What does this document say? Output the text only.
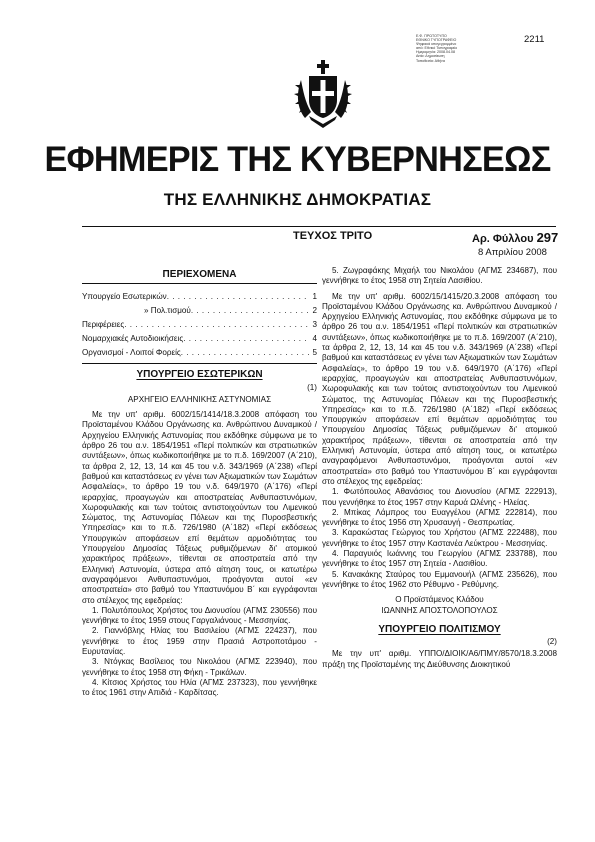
Ε.Φ. ΠΡΩΤΟΤΥΠΟ
ΕΘΝΙΚΟ ΤΥΠΟΓΡΑΦΕΙΟ
Ψηφιακά υπογεγραμμένο
από: Εθνικό Τυπογραφείο
Ημερομηνία: 2008.04.08
Αιτία: Δημοσίευση
Τοποθεσία: Αθήνα
2211
ΕΦΗΜΕΡΙΣ ΤΗΣ ΚΥΒΕΡΝΗΣΕΩΣ
ΤΗΣ ΕΛΛΗΝΙΚΗΣ ΔΗΜΟΚΡΑΤΙΑΣ
ΤΕΥΧΟΣ ΤΡΙΤΟ	Αρ. Φύλλου 297
8 Απριλίου 2008
ΠΕΡΙΕΧΟΜΕΝΑ
Υπουργείο Εσωτερικών . . .	1
» Πολ.τισμού . . .	2
Περιφέρειες . . .	3
Νομαρχιακές Αυτοδιοικήσεις . . .	4
Οργανισμοί - Λοιποί Φορείς . . .	5
ΥΠΟΥΡΓΕΙΟ ΕΣΩΤΕΡΙΚΩΝ
(1)
ΑΡΧΗΓΕΙΟ ΕΛΛΗΝΙΚΗΣ ΑΣΤΥΝΟΜΙΑΣ

Με την υπ' αριθμ. 6002/15/1414/18.3.2008 απόφαση του Προϊσταμένου Κλάδου Οργάνωσης κα. Ανθρώπινου Δυναμικού / Αρχηγείου Ελληνικής Αστυνομίας που εκδόθηκε σύμφωνα με το άρθρο 26 του α.ν. 1854/1951 «Περί πολιτικών και στρατιωτικών συντάξεων», όπως κωδικοποιήθηκε με το π.δ. 169/2007 (Α΄210), τα άρθρα 2, 12, 13, 14 και 45 του ν.δ. 343/1969 (Α΄238) «Περί βαθμού και καταστάσεως εν γένει των Αξιωματικών των Σωμάτων Ασφαλείας», το άρθρο 19 του ν.δ. 649/1970 (Α΄176) «Περί ιεραρχίας, προαγωγών και αποστρατείας Ανθυπαστυνόμων, Χωροφυλακής και των τούτοις αντιστοιχούντων του Λιμενικού Σώματος, της Αστυνομίας Πόλεων και της Πυροσβεστικής Υπηρεσίας» και το π.δ. 726/1980 (Α΄182) «Περί εκδόσεως Υπουργικών αποφάσεων επί θεμάτων αρμοδιότητας του Υπουργείου Δημοσίας Τάξεως ρυθμιζόμενων δι' ατομικού χαρακτήρος πράξεων», τίθενται σε αποστρατεία από την Ελληνική Αστυνομία, ύστερα από αίτηση τους, οι κατωτέρω αναγραφόμενοι Ανθυπαστυνόμοι, προάγονται αυτοί «εν αποστρατεία» στο βαθμό του Υπαστυνόμου Β΄ και εγγράφονται στο στέλεχος της εφεδρείας:

1. Πολυτόπουλος Χρήστος του Διονυσίου (ΑΓΜΣ 230556) που γεννήθηκε το έτος 1959 στους Γαργαλιάνους - Μεσσηνίας.

2. Γιαννόβλης Ηλίας του Βασιλείου (ΑΓΜΣ 224237), που γεννήθηκε το έτος 1959 στην Πρασιά Αστροποτάμου - Ευρυτανίας.

3. Ντόγκας Βασίλειος του Νικολάου (ΑΓΜΣ 223940), που γεννήθηκε το έτος 1958 στη Φήκη - Τρικάλων.

4. Κίτσιος Χρήστος του Ηλία (ΑΓΜΣ 237323), που γεννήθηκε το έτος 1961 στην Απιδιά - Καρδίτσας.

5. Ζωγραφάκης Μιχαήλ του Νικολάου (ΑΓΜΣ 234687), που γεννήθηκε το έτος 1958 στη Σητεία Λασιθίου.

Με την υπ' αριθμ. 6002/15/1415/20.3.2008 απόφαση του Προϊσταμένου Κλάδου Οργάνωσης κα. Ανθρώπινου Δυναμικού / Αρχηγείου Ελληνικής Αστυνομίας, που εκδόθηκε σύμφωνα με το άρθρο 26 του α.ν. 1854/1951 «Περί πολιτικών και στρατιωτικών συντάξεων», όπως κωδικοποιήθηκε με το π.δ. 169/2007 (Α΄210), τα άρθρα 2, 12, 13, 14 και 45 του ν.δ. 343/1969 (Α΄238) «Περί βαθμού και καταστάσεως εν γένει των Αξιωματικών των Σωμάτων Ασφαλείας», το άρθρο 19 του ν.δ. 649/1970 (Α΄176) «Περί ιεραρχίας, προαγωγών και αποστρατείας Ανθυπαστυνόμων, Χωροφυλακής και των τούτοις αντιστοιχούντων του Λιμενικού Σώματος, της Αστυνομίας Πόλεων και της Πυροσβεστικής Υπηρεσίας» και το π.δ. 726/1980 (Α΄182) «Περί εκδόσεως Υπουργικών αποφάσεων επί θεμάτων αρμοδιότητας του Υπουργείου Δημοσίας Τάξεως ρυθμιζόμενων δι' ατομικού χαρακτήρος πράξεων», τίθενται σε αποστρατεία από την Ελληνική Αστυνομία, ύστερα από αίτηση τους, οι κατωτέρω αναγραφόμενοι Ανθυπαστυνόμοι, προάγονται αυτοί «εν αποστρατεία» στο βαθμό του Υπαστυνόμου Β΄ και εγγράφονται στο στέλεχος της εφεδρείας:

1. Φωτόπουλος Αθανάσιος του Διονυσίου (ΑΓΜΣ 222913), που γεννήθηκε το έτος 1957 στην Καρυά Ωλένης - Ηλείας.

2. Μπίκας Λάμπρος του Ευαγγέλου (ΑΓΜΣ 222814), που γεννήθηκε το έτος 1956 στη Χρυσαυγή - Θεσπρωτίας.

3. Καρακώστας Γεώργιος του Χρήστου (ΑΓΜΣ 222488), που γεννήθηκε το έτος 1957 στην Καστανέα Λεύκτρου - Μεσσηνίας.

4. Παραγυιός Ιωάννης του Γεωργίου (ΑΓΜΣ 233788), που γεννήθηκε το έτος 1957 στη Σητεία - Λασιθίου.

5. Κανακάκης Σταύρος του Εμμανουήλ (ΑΓΜΣ 235626), που γεννήθηκε το έτος 1962 στο Ρέθυμνο - Ρεθύμνης.

Ο Προϊστάμενος Κλάδου
ΙΩΑΝΝΗΣ ΑΠΟΣΤΟΛΟΠΟΥΛΟΣ
ΥΠΟΥΡΓΕΙΟ ΠΟΛΙΤΙΣΜΟΥ
(2)

Με την υπ' αριθμ. ΥΠΠΟ/ΔΙΟΙΚ/Α6/ΠΜΥ/8570/18.3.2008 πράξη της Προϊσταμένης της Διεύθυνσης Διοικητικού
